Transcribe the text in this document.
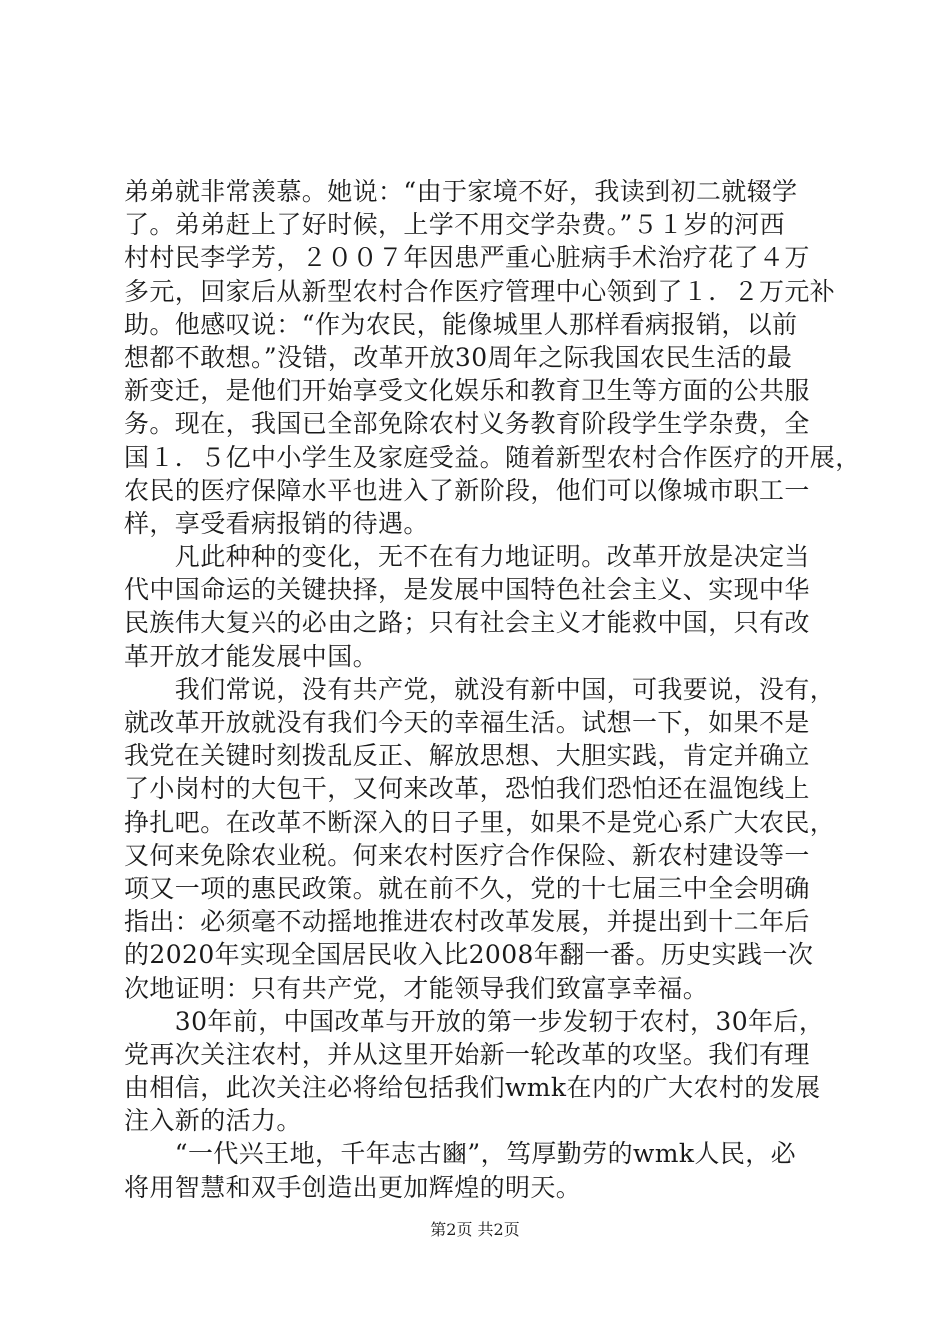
弟弟就非常羡慕。她说：“由于家境不好，我读到初二就辍学
了。弟弟赶上了好时候，上学不用交学杂费。”５１岁的河西
村村民李学芳，２００７年因患严重心脏病手术治疗花了４万
多元，回家后从新型农村合作医疗管理中心领到了１．２万元补
助。他感叹说：“作为农民，能像城里人那样看病报销，以前
想都不敢想。”没错，改革开放30周年之际我国农民生活的最
新变迁，是他们开始享受文化娱乐和教育卫生等方面的公共服
务。现在，我国已全部免除农村义务教育阶段学生学杂费，全
国１．５亿中小学生及家庭受益。随着新型农村合作医疗的开展，
农民的医疗保障水平也进入了新阶段，他们可以像城市职工一
样，享受看病报销的待遇。
　　凡此种种的变化，无不在有力地证明。改革开放是决定当
代中国命运的关键抉择，是发展中国特色社会主义、实现中华
民族伟大复兴的必由之路；只有社会主义才能救中国，只有改
革开放才能发展中国。
　　我们常说，没有共产党，就没有新中国，可我要说，没有，
就改革开放就没有我们今天的幸福生活。试想一下，如果不是
我党在关键时刻拨乱反正、解放思想、大胆实践，肯定并确立
了小岗村的大包干，又何来改革，恐怕我们恐怕还在温饱线上
挣扎吧。在改革不断深入的日子里，如果不是党心系广大农民，
又何来免除农业税。何来农村医疗合作保险、新农村建设等一
项又一项的惠民政策。就在前不久，党的十七届三中全会明确
指出：必须毫不动摇地推进农村改革发展，并提出到十二年后
的2020年实现全国居民收入比2008年翻一番。历史实践一次
次地证明：只有共产党，才能领导我们致富享幸福。
　　30年前，中国改革与开放的第一步发轫于农村，30年后，
党再次关注农村，并从这里开始新一轮改革的攻坚。我们有理
由相信，此次关注必将给包括我们wmk在内的广大农村的发展
注入新的活力。
　　“一代兴王地，千年志古豳”，笃厚勤劳的wmk人民，必
将用智慧和双手创造出更加辉煌的明天。
第2页 共2页
